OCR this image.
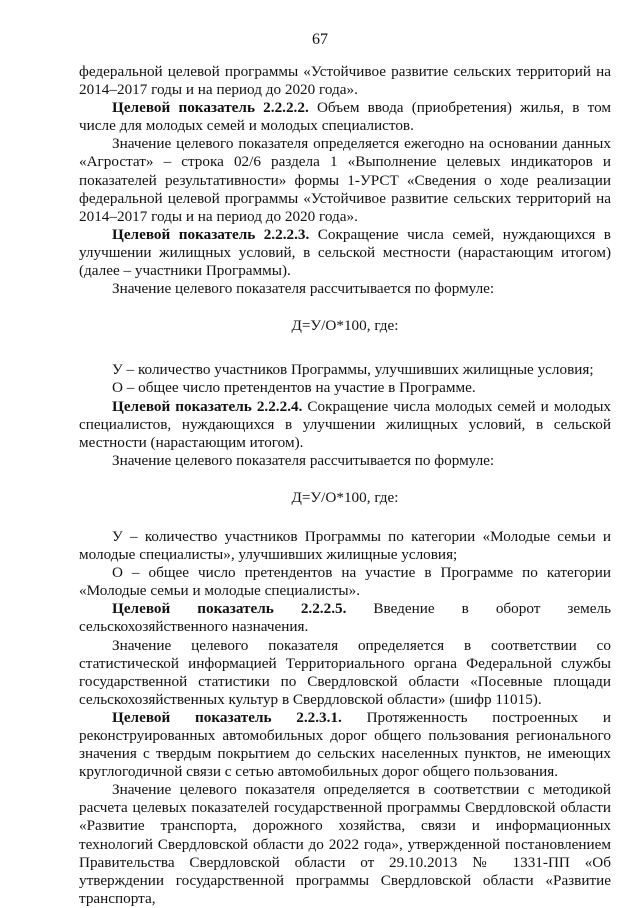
67

федеральной целевой программы «Устойчивое развитие сельских территорий на 2014–2017 годы и на период до 2020 года».

Целевой показатель 2.2.2.2. Объем ввода (приобретения) жилья, в том числе для молодых семей и молодых специалистов.

Значение целевого показателя определяется ежегодно на основании данных «Агростат» – строка 02/6 раздела 1 «Выполнение целевых индикаторов и показателей результативности» формы 1-УРСТ «Сведения о ходе реализации федеральной целевой программы «Устойчивое развитие сельских территорий на 2014–2017 годы и на период до 2020 года».

Целевой показатель 2.2.2.3. Сокращение числа семей, нуждающихся в улучшении жилищных условий, в сельской местности (нарастающим итогом) (далее – участники Программы).

Значение целевого показателя рассчитывается по формуле:

Д=У/О*100, где:

У – количество участников Программы, улучшивших жилищные условия;

О – общее число претендентов на участие в Программе.

Целевой показатель 2.2.2.4. Сокращение числа молодых семей и молодых специалистов, нуждающихся в улучшении жилищных условий, в сельской местности (нарастающим итогом).

Значение целевого показателя рассчитывается по формуле:

Д=У/О*100, где:

У – количество участников Программы по категории «Молодые семьи и молодые специалисты», улучшивших жилищные условия;

О – общее число претендентов на участие в Программе по категории «Молодые семьи и молодые специалисты».

Целевой показатель 2.2.2.5. Введение в оборот земель сельскохозяйственного назначения.

Значение целевого показателя определяется в соответствии со статистической информацией Территориального органа Федеральной службы государственной статистики по Свердловской области «Посевные площади сельскохозяйственных культур в Свердловской области» (шифр 11015).

Целевой показатель 2.2.3.1. Протяженность построенных и реконструированных автомобильных дорог общего пользования регионального значения с твердым покрытием до сельских населенных пунктов, не имеющих круглогодичной связи с сетью автомобильных дорог общего пользования.

Значение целевого показателя определяется в соответствии с методикой расчета целевых показателей государственной программы Свердловской области «Развитие транспорта, дорожного хозяйства, связи и информационных технологий Свердловской области до 2022 года», утвержденной постановлением Правительства Свердловской области от 29.10.2013 № 1331-ПП «Об утверждении государственной программы Свердловской области «Развитие транспорта,
